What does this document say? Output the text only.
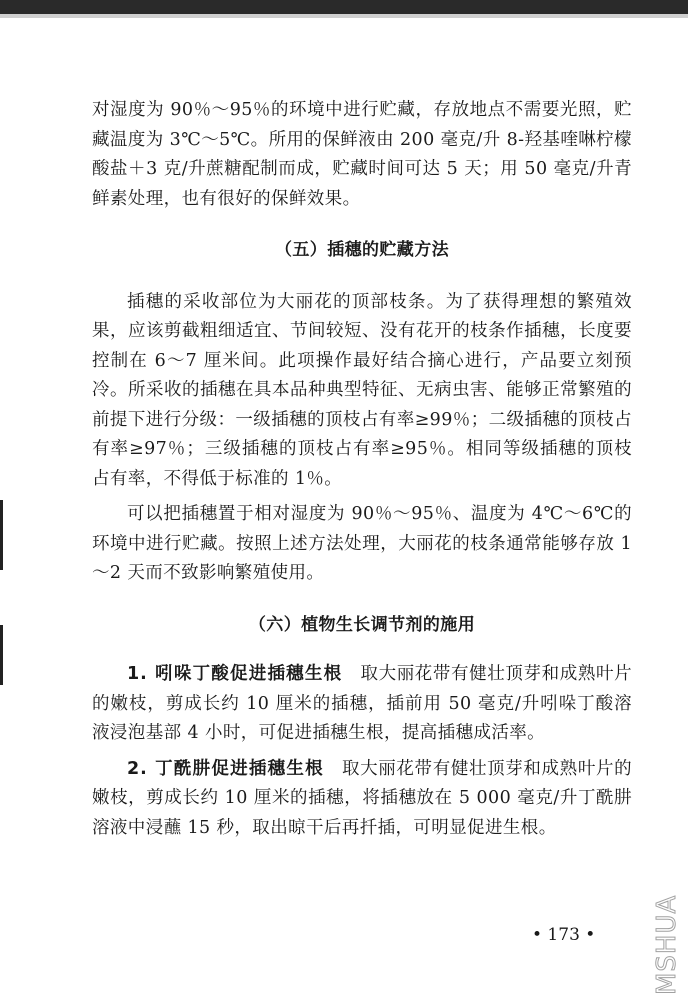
对湿度为 90％～95％的环境中进行贮藏，存放地点不需要光照，贮藏温度为 3℃～5℃。所用的保鲜液由 200 毫克/升 8-羟基喹啉柠檬酸盐＋3 克/升蔗糖配制而成，贮藏时间可达 5 天；用 50 毫克/升青鲜素处理，也有很好的保鲜效果。

（五）插穗的贮藏方法

插穗的采收部位为大丽花的顶部枝条。为了获得理想的繁殖效果，应该剪截粗细适宜、节间较短、没有花开的枝条作插穗，长度要控制在 6～7 厘米间。此项操作最好结合摘心进行，产品要立刻预冷。所采收的插穗在具本品种典型特征、无病虫害、能够正常繁殖的前提下进行分级：一级插穗的顶枝占有率≥99％；二级插穗的顶枝占有率≥97％；三级插穗的顶枝占有率≥95％。相同等级插穗的顶枝占有率，不得低于标准的 1％。

可以把插穗置于相对湿度为 90％～95％、温度为 4℃～6℃的环境中进行贮藏。按照上述方法处理，大丽花的枝条通常能够存放 1～2 天而不致影响繁殖使用。

（六）植物生长调节剂的施用

1. 吲哚丁酸促进插穗生根　 取大丽花带有健壮顶芽和成熟叶片的嫩枝，剪成长约 10 厘米的插穗，插前用 50 毫克/升吲哚丁酸溶液浸泡基部 4 小时，可促进插穗生根，提高插穗成活率。

2. 丁酰肼促进插穗生根　 取大丽花带有健壮顶芽和成熟叶片的嫩枝，剪成长约 10 厘米的插穗，将插穗放在 5 000 毫克/升丁酰肼溶液中浸蘸 15 秒，取出晾干后再扦插，可明显促进生根。

• 173 • MSHUA
